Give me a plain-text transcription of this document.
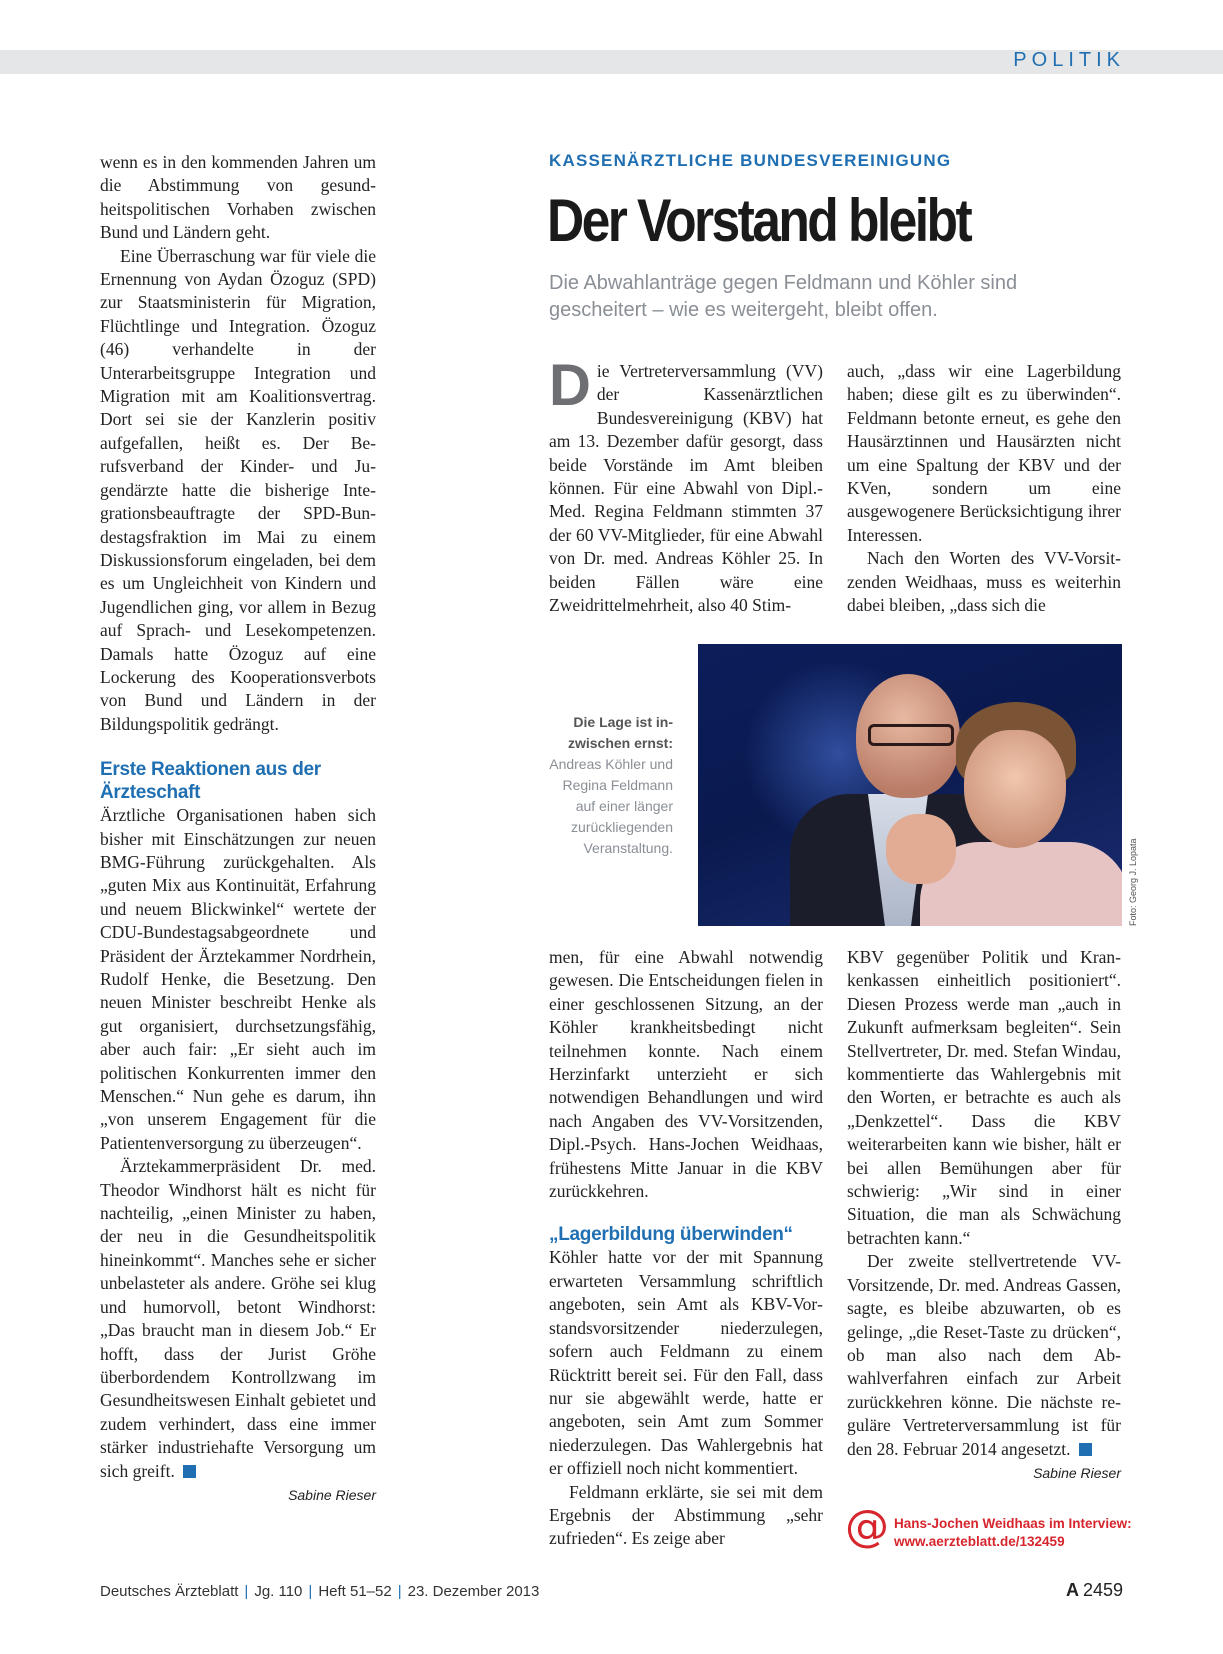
POLITIK

wenn es in den kommenden Jahren um die Abstimmung von gesundheitspolitischen Vorhaben zwischen Bund und Ländern geht.

Eine Überraschung war für viele die Ernennung von Aydan Özoguz (SPD) zur Staatsministerin für Migration, Flüchtlinge und Integration. Özoguz (46) verhandelte in der Unterarbeitsgruppe Integration und Migration mit am Koalitionsvertrag. Dort sei sie der Kanzlerin positiv aufgefallen, heißt es. Der Berufsverband der Kinder- und Jugendärzte hatte die bisherige Integrationsbeauftragte der SPD-Bundestagsfraktion im Mai zu einem Diskussionsforum eingeladen, bei dem es um Ungleichheit von Kindern und Jugendlichen ging, vor allem in Bezug auf Sprach- und Lesekompetenzen. Damals hatte Özoguz auf eine Lockerung des Kooperationsverbots von Bund und Ländern in der Bildungspolitik gedrängt.

Erste Reaktionen aus der Ärzteschaft

Ärztliche Organisationen haben sich bisher mit Einschätzungen zur neuen BMG-Führung zurückgehalten. Als „guten Mix aus Kontinuität, Erfahrung und neuem Blickwinkel“ wertete der CDU-Bundestagsabgeordnete und Präsident der Ärztekammer Nordrhein, Rudolf Henke, die Besetzung. Den neuen Minister beschreibt Henke als gut organisiert, durchsetzungsfähig, aber auch fair: „Er sieht auch im politischen Konkurrenten immer den Menschen.“ Nun gehe es darum, ihn „von unserem Engagement für die Patientenversorgung zu überzeugen“.

Ärztekammerpräsident Dr. med. Theodor Windhorst hält es nicht für nachteilig, „einen Minister zu haben, der neu in die Gesundheitspolitik hineinkommt“. Manches sehe er sicher unbelasteter als andere. Gröhe sei klug und humorvoll, betont Windhorst: „Das braucht man in diesem Job.“ Er hofft, dass der Jurist Gröhe überbordendem Kontrollzwang im Gesundheitswesen Einhalt gebietet und zudem verhindert, dass eine immer stärker industriehafte Versorgung um sich greift.

Sabine Rieser
KASSENÄRZTLICHE BUNDESVEREINIGUNG
Der Vorstand bleibt
Die Abwahlanträge gegen Feldmann und Köhler sind gescheitert – wie es weitergeht, bleibt offen.

Die Vertreterversammlung (VV) der Kassenärztlichen Bundesvereinigung (KBV) hat am 13. Dezember dafür gesorgt, dass beide Vorstände im Amt bleiben können. Für eine Abwahl von Dipl.-Med. Regina Feldmann stimmten 37 der 60 VV-Mitglieder, für eine Abwahl von Dr. med. Andreas Köhler 25. In beiden Fällen wäre eine Zweidrittelmehrheit, also 40 Stim-

auch, „dass wir eine Lagerbildung haben; diese gilt es zu überwinden“. Feldmann betonte erneut, es gehe den Hausärztinnen und Hausärzten nicht um eine Spaltung der KBV und der KVen, sondern um eine ausgewogenere Berücksichtigung ihrer Interessen.

Nach den Worten des VV-Vorsitzenden Weidhaas, muss es weiterhin dabei bleiben, „dass sich die

Die Lage ist inzwischen ernst: Andreas Köhler und Regina Feldmann auf einer länger zurückliegenden Veranstaltung.	Foto: Georg J. Lopata

men, für eine Abwahl notwendig gewesen. Die Entscheidungen fielen in einer geschlossenen Sitzung, an der Köhler krankheitsbedingt nicht teilnehmen konnte. Nach einem Herzinfarkt unterzieht er sich notwendigen Behandlungen und wird nach Angaben des VV-Vorsitzenden, Dipl.-Psych. Hans-Jochen Weidhaas, frühestens Mitte Januar in die KBV zurückkehren.

„Lagerbildung überwinden“

Köhler hatte vor der mit Spannung erwarteten Versammlung schriftlich angeboten, sein Amt als KBV-Vorstandsvorsitzender niederzulegen, sofern auch Feldmann zu einem Rücktritt bereit sei. Für den Fall, dass nur sie abgewählt werde, hatte er angeboten, sein Amt zum Sommer niederzulegen. Das Wahlergebnis hat er offiziell noch nicht kommentiert.

Feldmann erklärte, sie sei mit dem Ergebnis der Abstimmung „sehr zufrieden“. Es zeige aber

KBV gegenüber Politik und Krankenkassen einheitlich positioniert“. Diesen Prozess werde man „auch in Zukunft aufmerksam begleiten“. Sein Stellvertreter, Dr. med. Stefan Windau, kommentierte das Wahlergebnis mit den Worten, er betrachte es auch als „Denkzettel“. Dass die KBV weiterarbeiten kann wie bisher, hält er bei allen Bemühungen aber für schwierig: „Wir sind in einer Situation, die man als Schwächung betrachten kann.“

Der zweite stellvertretende VV-Vorsitzende, Dr. med. Andreas Gassen, sagte, es bleibe abzuwarten, ob es gelinge, „die Reset-Taste zu drücken“, ob man also nach dem Abwahlverfahren einfach zur Arbeit zurückkehren könne. Die nächste reguläre Vertreterversammlung ist für den 28. Februar 2014 angesetzt.

Sabine Rieser
@ Hans-Jochen Weidhaas im Interview:
www.aerzteblatt.de/132459
Deutsches Ärzteblatt | Jg. 110 | Heft 51–52 | 23. Dezember 2013	A 2459
